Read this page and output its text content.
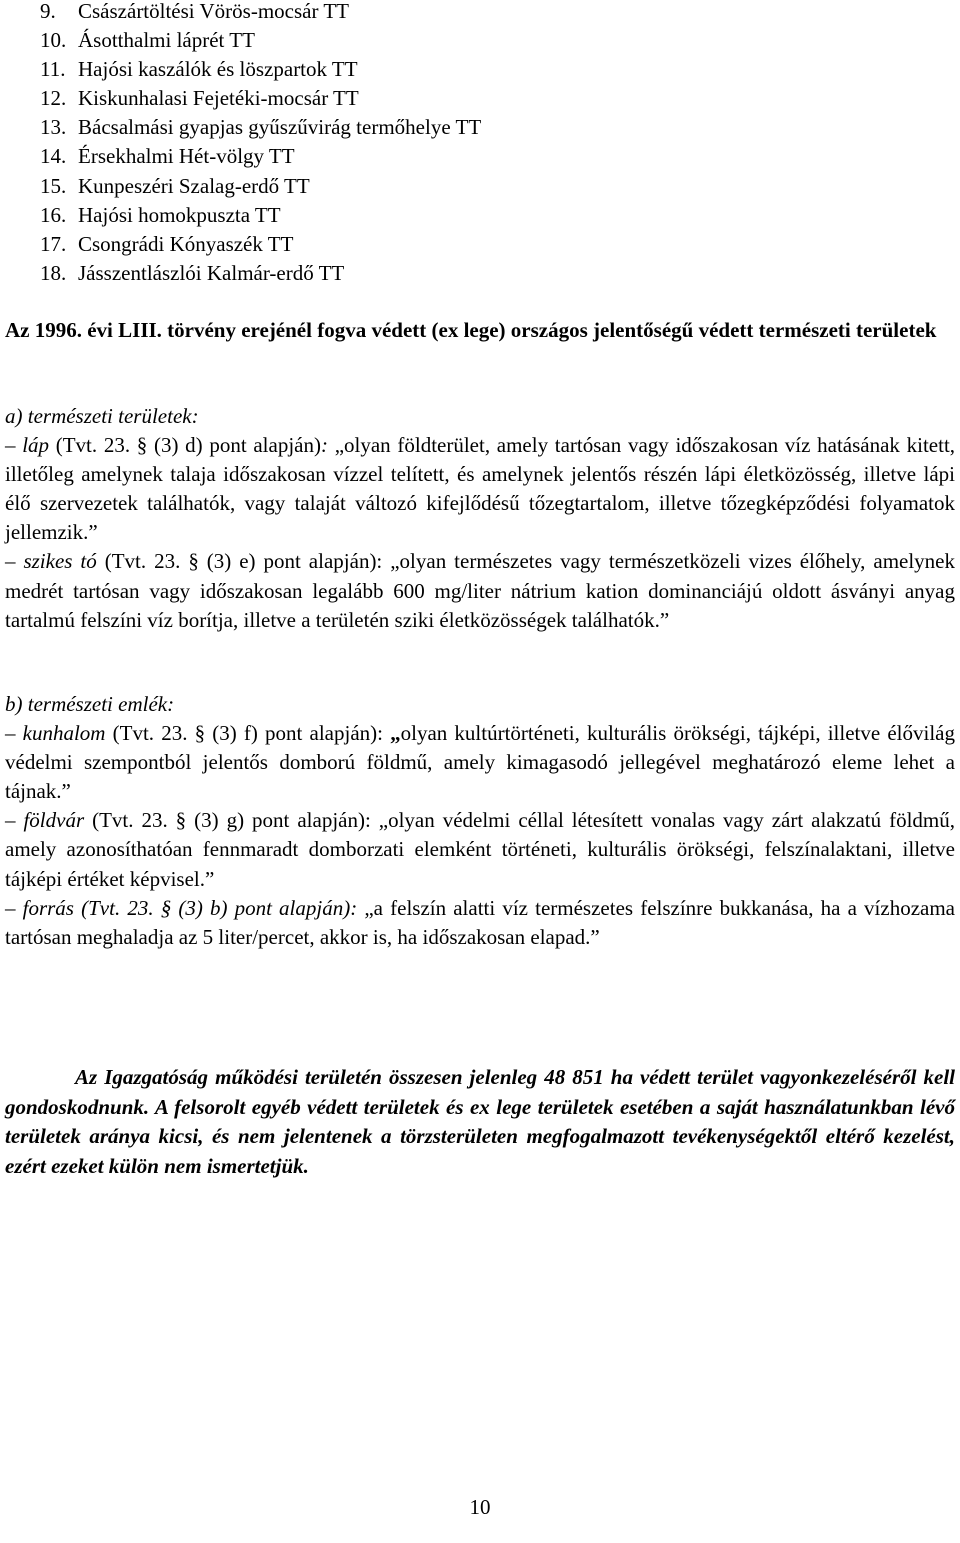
9. Császártöltési Vörös-mocsár TT
10. Ásotthalmi láprét TT
11. Hajósi kaszálók és löszpartok TT
12. Kiskunhalasi Fejetéki-mocsár TT
13. Bácsalmási gyapjas gyűszűvirág termőhelye TT
14. Érsekhalmi Hét-völgy TT
15. Kunpeszéri Szalag-erdő TT
16. Hajósi homokpuszta TT
17. Csongrádi Kónyaszék TT
18. Jásszentlászlói Kalmár-erdő TT

Az 1996. évi LIII. törvény erejénél fogva védett (ex lege) országos jelentőségű védett természeti területek

a) természeti területek:

– láp (Tvt. 23. § (3) d) pont alapján): „olyan földterület, amely tartósan vagy időszakosan víz hatásának kitett, illetőleg amelynek talaja időszakosan vízzel telített, és amelynek jelentős részén lápi életközösség, illetve lápi élő szervezetek találhatók, vagy talaját változó kifejlődésű tőzegtartalom, illetve tőzegképződési folyamatok jellemzik.”

– szikes tó (Tvt. 23. § (3) e) pont alapján): „olyan természetes vagy természetközeli vizes élőhely, amelynek medrét tartósan vagy időszakosan legalább 600 mg/liter nátrium kation dominanciájú oldott ásványi anyag tartalmú felszíni víz borítja, illetve a területén sziki életközösségek találhatók.”

b) természeti emlék:

– kunhalom (Tvt. 23. § (3) f) pont alapján): „olyan kultúrtörténeti, kulturális örökségi, tájképi, illetve élővilág védelmi szempontból jelentős domború földmű, amely kimagasodó jellegével meghatározó eleme lehet a tájnak.”

– földvár (Tvt. 23. § (3) g) pont alapján): „olyan védelmi céllal létesített vonalas vagy zárt alakzatú földmű, amely azonosíthatóan fennmaradt domborzati elemként történeti, kulturális örökségi, felszínalaktani, illetve tájképi értéket képvisel.”

– forrás (Tvt. 23. § (3) b) pont alapján): „a felszín alatti víz természetes felszínre bukkanása, ha a vízhozama tartósan meghaladja az 5 liter/percet, akkor is, ha időszakosan elapad.”

Az Igazgatóság működési területén összesen jelenleg 48 851 ha védett terület vagyonkezeléséről kell gondoskodnunk. A felsorolt egyéb védett területek és ex lege területek esetében a saját használatunkban lévő területek aránya kicsi, és nem jelentenek a törzsterületen megfogalmazott tevékenységektől eltérő kezelést, ezért ezeket külön nem ismertetjük.

10
